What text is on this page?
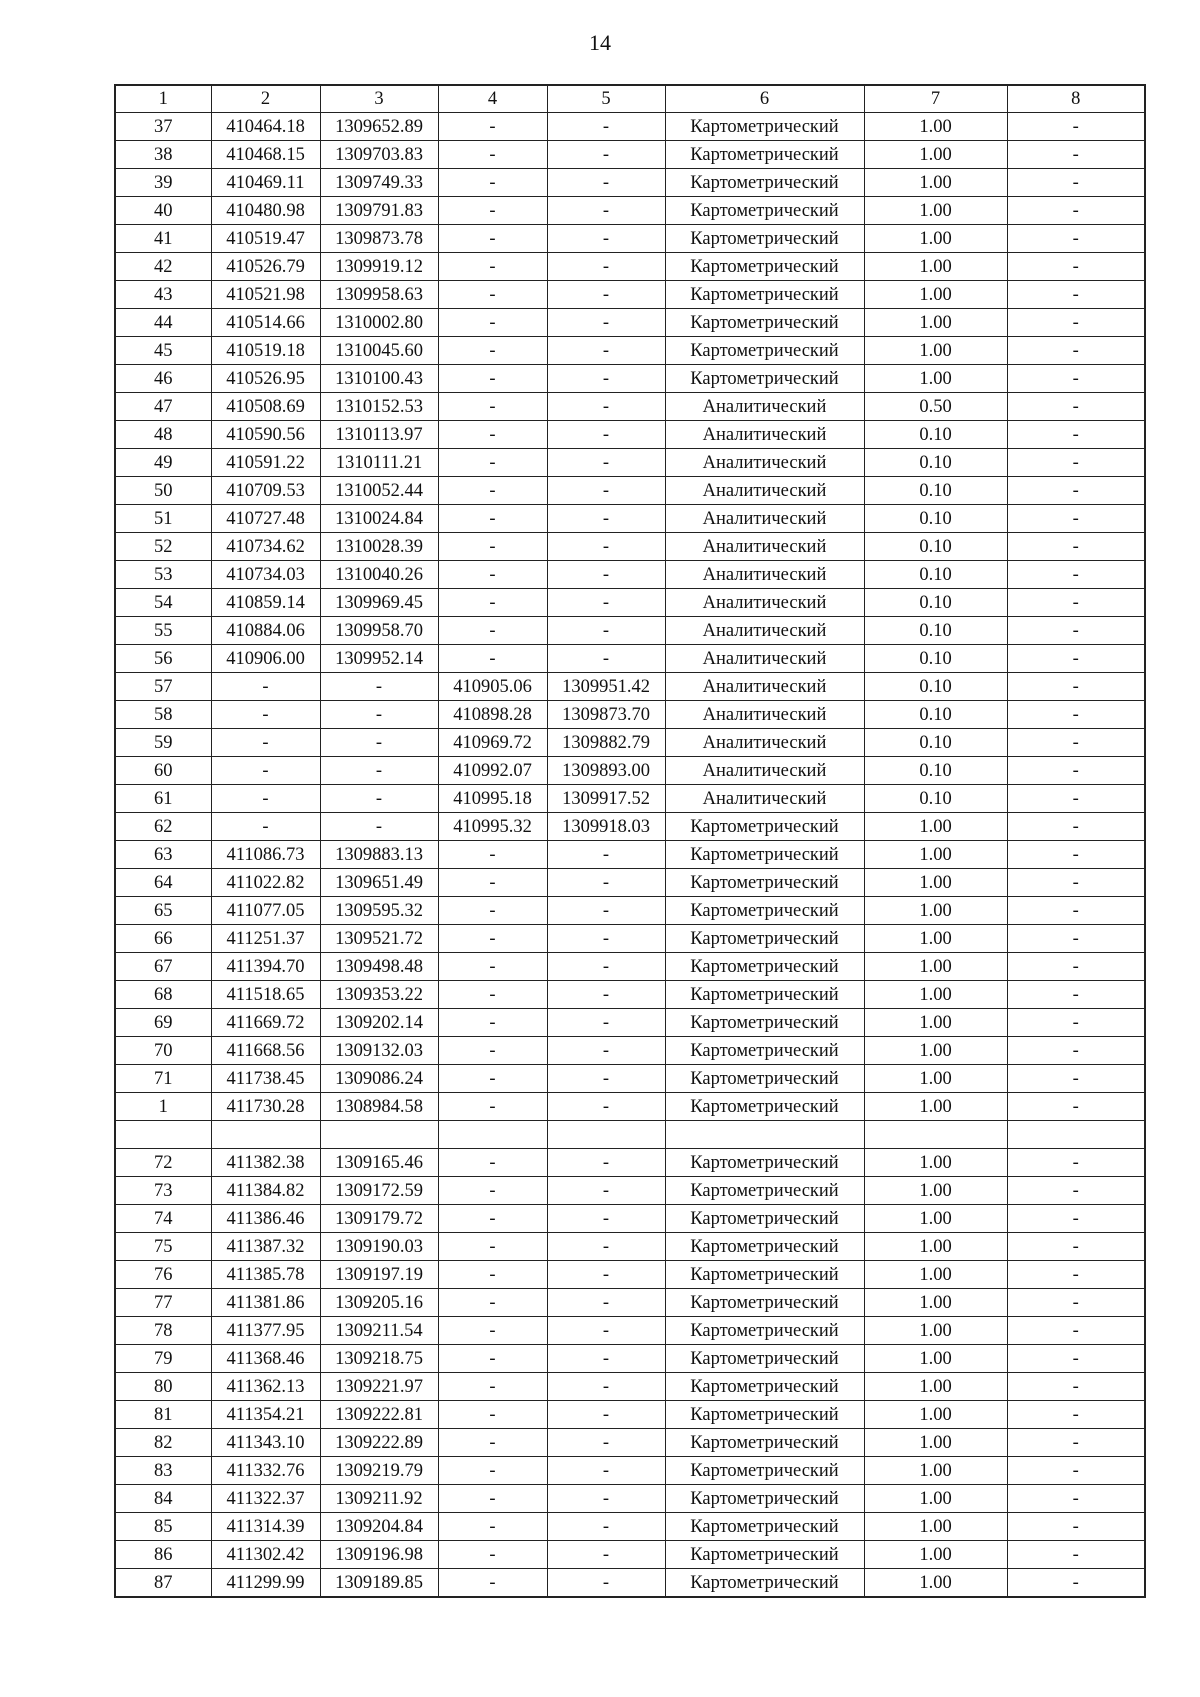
14
1	2	3	4	5	6	7	8
37	410464.18	1309652.89	-	-	Картометрический	1.00	-
38	410468.15	1309703.83	-	-	Картометрический	1.00	-
39	410469.11	1309749.33	-	-	Картометрический	1.00	-
40	410480.98	1309791.83	-	-	Картометрический	1.00	-
41	410519.47	1309873.78	-	-	Картометрический	1.00	-
42	410526.79	1309919.12	-	-	Картометрический	1.00	-
43	410521.98	1309958.63	-	-	Картометрический	1.00	-
44	410514.66	1310002.80	-	-	Картометрический	1.00	-
45	410519.18	1310045.60	-	-	Картометрический	1.00	-
46	410526.95	1310100.43	-	-	Картометрический	1.00	-
47	410508.69	1310152.53	-	-	Аналитический	0.50	-
48	410590.56	1310113.97	-	-	Аналитический	0.10	-
49	410591.22	1310111.21	-	-	Аналитический	0.10	-
50	410709.53	1310052.44	-	-	Аналитический	0.10	-
51	410727.48	1310024.84	-	-	Аналитический	0.10	-
52	410734.62	1310028.39	-	-	Аналитический	0.10	-
53	410734.03	1310040.26	-	-	Аналитический	0.10	-
54	410859.14	1309969.45	-	-	Аналитический	0.10	-
55	410884.06	1309958.70	-	-	Аналитический	0.10	-
56	410906.00	1309952.14	-	-	Аналитический	0.10	-
57	-	-	410905.06	1309951.42	Аналитический	0.10	-
58	-	-	410898.28	1309873.70	Аналитический	0.10	-
59	-	-	410969.72	1309882.79	Аналитический	0.10	-
60	-	-	410992.07	1309893.00	Аналитический	0.10	-
61	-	-	410995.18	1309917.52	Аналитический	0.10	-
62	-	-	410995.32	1309918.03	Картометрический	1.00	-
63	411086.73	1309883.13	-	-	Картометрический	1.00	-
64	411022.82	1309651.49	-	-	Картометрический	1.00	-
65	411077.05	1309595.32	-	-	Картометрический	1.00	-
66	411251.37	1309521.72	-	-	Картометрический	1.00	-
67	411394.70	1309498.48	-	-	Картометрический	1.00	-
68	411518.65	1309353.22	-	-	Картометрический	1.00	-
69	411669.72	1309202.14	-	-	Картометрический	1.00	-
70	411668.56	1309132.03	-	-	Картометрический	1.00	-
71	411738.45	1309086.24	-	-	Картометрический	1.00	-
1	411730.28	1308984.58	-	-	Картометрический	1.00	-

72	411382.38	1309165.46	-	-	Картометрический	1.00	-
73	411384.82	1309172.59	-	-	Картометрический	1.00	-
74	411386.46	1309179.72	-	-	Картометрический	1.00	-
75	411387.32	1309190.03	-	-	Картометрический	1.00	-
76	411385.78	1309197.19	-	-	Картометрический	1.00	-
77	411381.86	1309205.16	-	-	Картометрический	1.00	-
78	411377.95	1309211.54	-	-	Картометрический	1.00	-
79	411368.46	1309218.75	-	-	Картометрический	1.00	-
80	411362.13	1309221.97	-	-	Картометрический	1.00	-
81	411354.21	1309222.81	-	-	Картометрический	1.00	-
82	411343.10	1309222.89	-	-	Картометрический	1.00	-
83	411332.76	1309219.79	-	-	Картометрический	1.00	-
84	411322.37	1309211.92	-	-	Картометрический	1.00	-
85	411314.39	1309204.84	-	-	Картометрический	1.00	-
86	411302.42	1309196.98	-	-	Картометрический	1.00	-
87	411299.99	1309189.85	-	-	Картометрический	1.00	-
